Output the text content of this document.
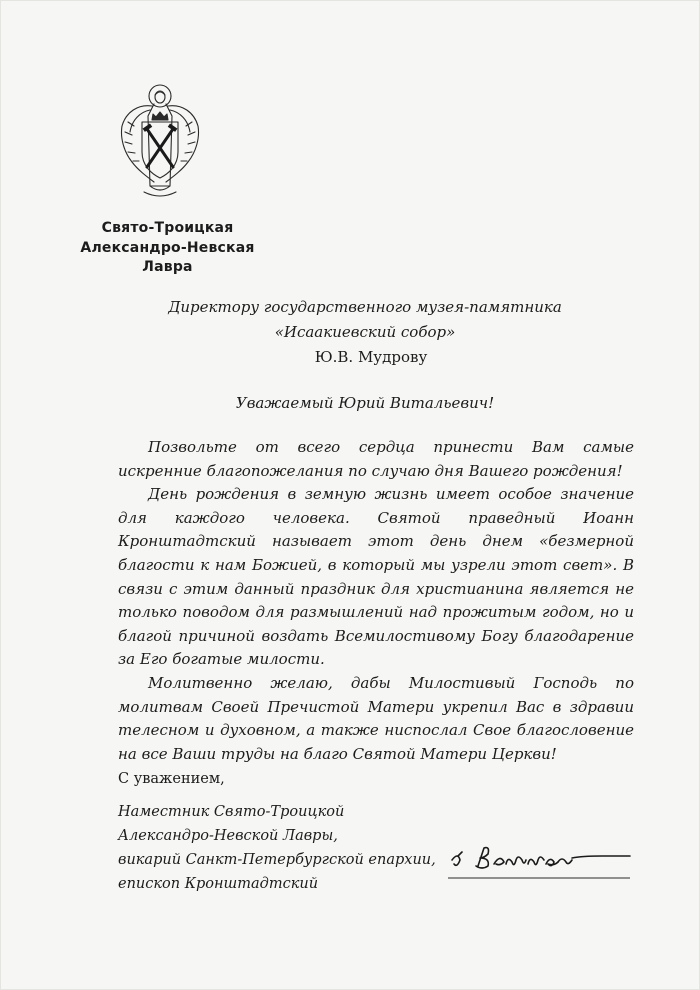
Свято-Троицкая
Александро-Невская
Лавра
Директору государственного музея-памятника
«Исаакиевский собор»
Ю.В. Мудрову
Уважаемый Юрий Витальевич!

Позвольте от всего сердца принести Вам самые искренние благопожелания по случаю дня Вашего рождения!

День рождения в земную жизнь имеет особое значение для каждого человека. Святой праведный Иоанн Кронштадтский называет этот день днем «безмерной благости к нам Божией, в который мы узрели этот свет». В связи с этим данный праздник для христианина является не только поводом для размышлений над прожитым годом, но и благой причиной воздать Всемилостивому Богу благодарение за Его богатые милости.

Молитвенно желаю, дабы Милостивый Господь по молитвам Своей Пречистой Матери укрепил Вас в здравии телесном и духовном, а также ниспослал Свое благословение на все Ваши труды на благо Святой Матери Церкви!

С уважением,
Наместник Свято-Троицкой
Александро-Невской Лавры,
викарий Санкт-Петербургской епархии,
епископ Кронштадтский
